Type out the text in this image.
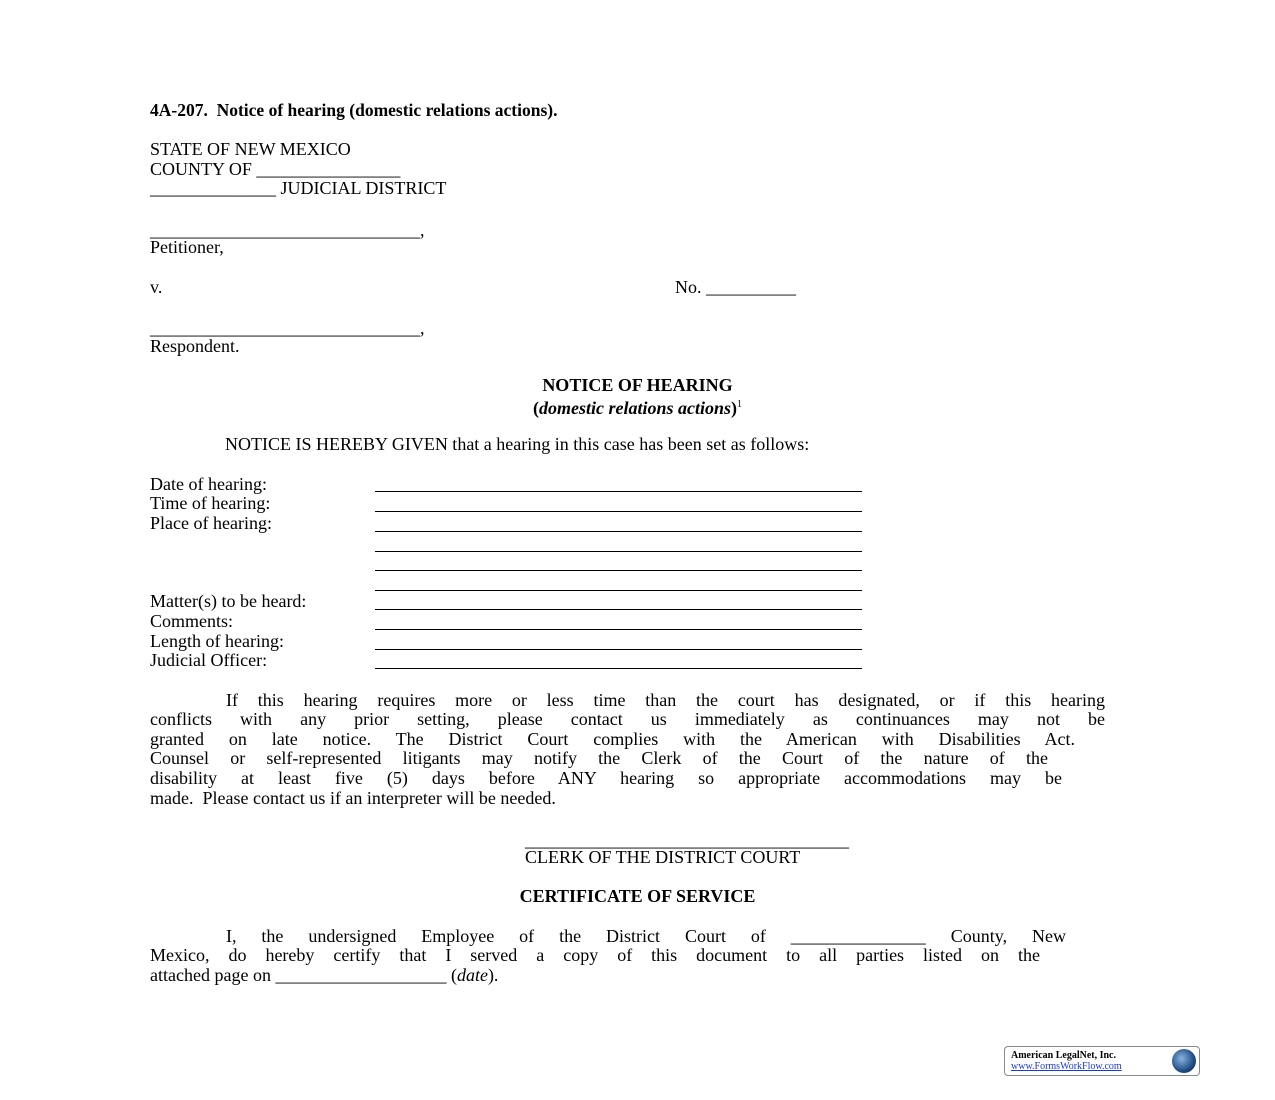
4A-207.  Notice of hearing (domestic relations actions).
STATE OF NEW MEXICO
COUNTY OF ________________
______________ JUDICIAL DISTRICT
______________________________,
Petitioner,
v.	No. __________
______________________________,
Respondent.
NOTICE OF HEARING
(domestic relations actions)$^1$
NOTICE IS HEREBY GIVEN that a hearing in this case has been set as follows:
Date of hearing:
Time of hearing:
Place of hearing:
Matter(s) to be heard:
Comments:
Length of hearing:
Judicial Officer:
If this hearing requires more or less time than the court has designated, or if this hearing
conflicts with any prior setting, please contact us immediately as continuances may not be
granted on late notice. The District Court complies with the American with Disabilities Act.
Counsel or self-represented litigants may notify the Clerk of the Court of the nature of the
disability at least five (5) days before ANY hearing so appropriate accommodations may be
made.  Please contact us if an interpreter will be needed.
____________________________________
CLERK OF THE DISTRICT COURT
CERTIFICATE OF SERVICE
I, the undersigned Employee of the District Court of _______________ County, New
Mexico, do hereby certify that I served a copy of this document to all parties listed on the
attached page on ___________________ (date).
American LegalNet, Inc.
www.FormsWorkFlow.com
